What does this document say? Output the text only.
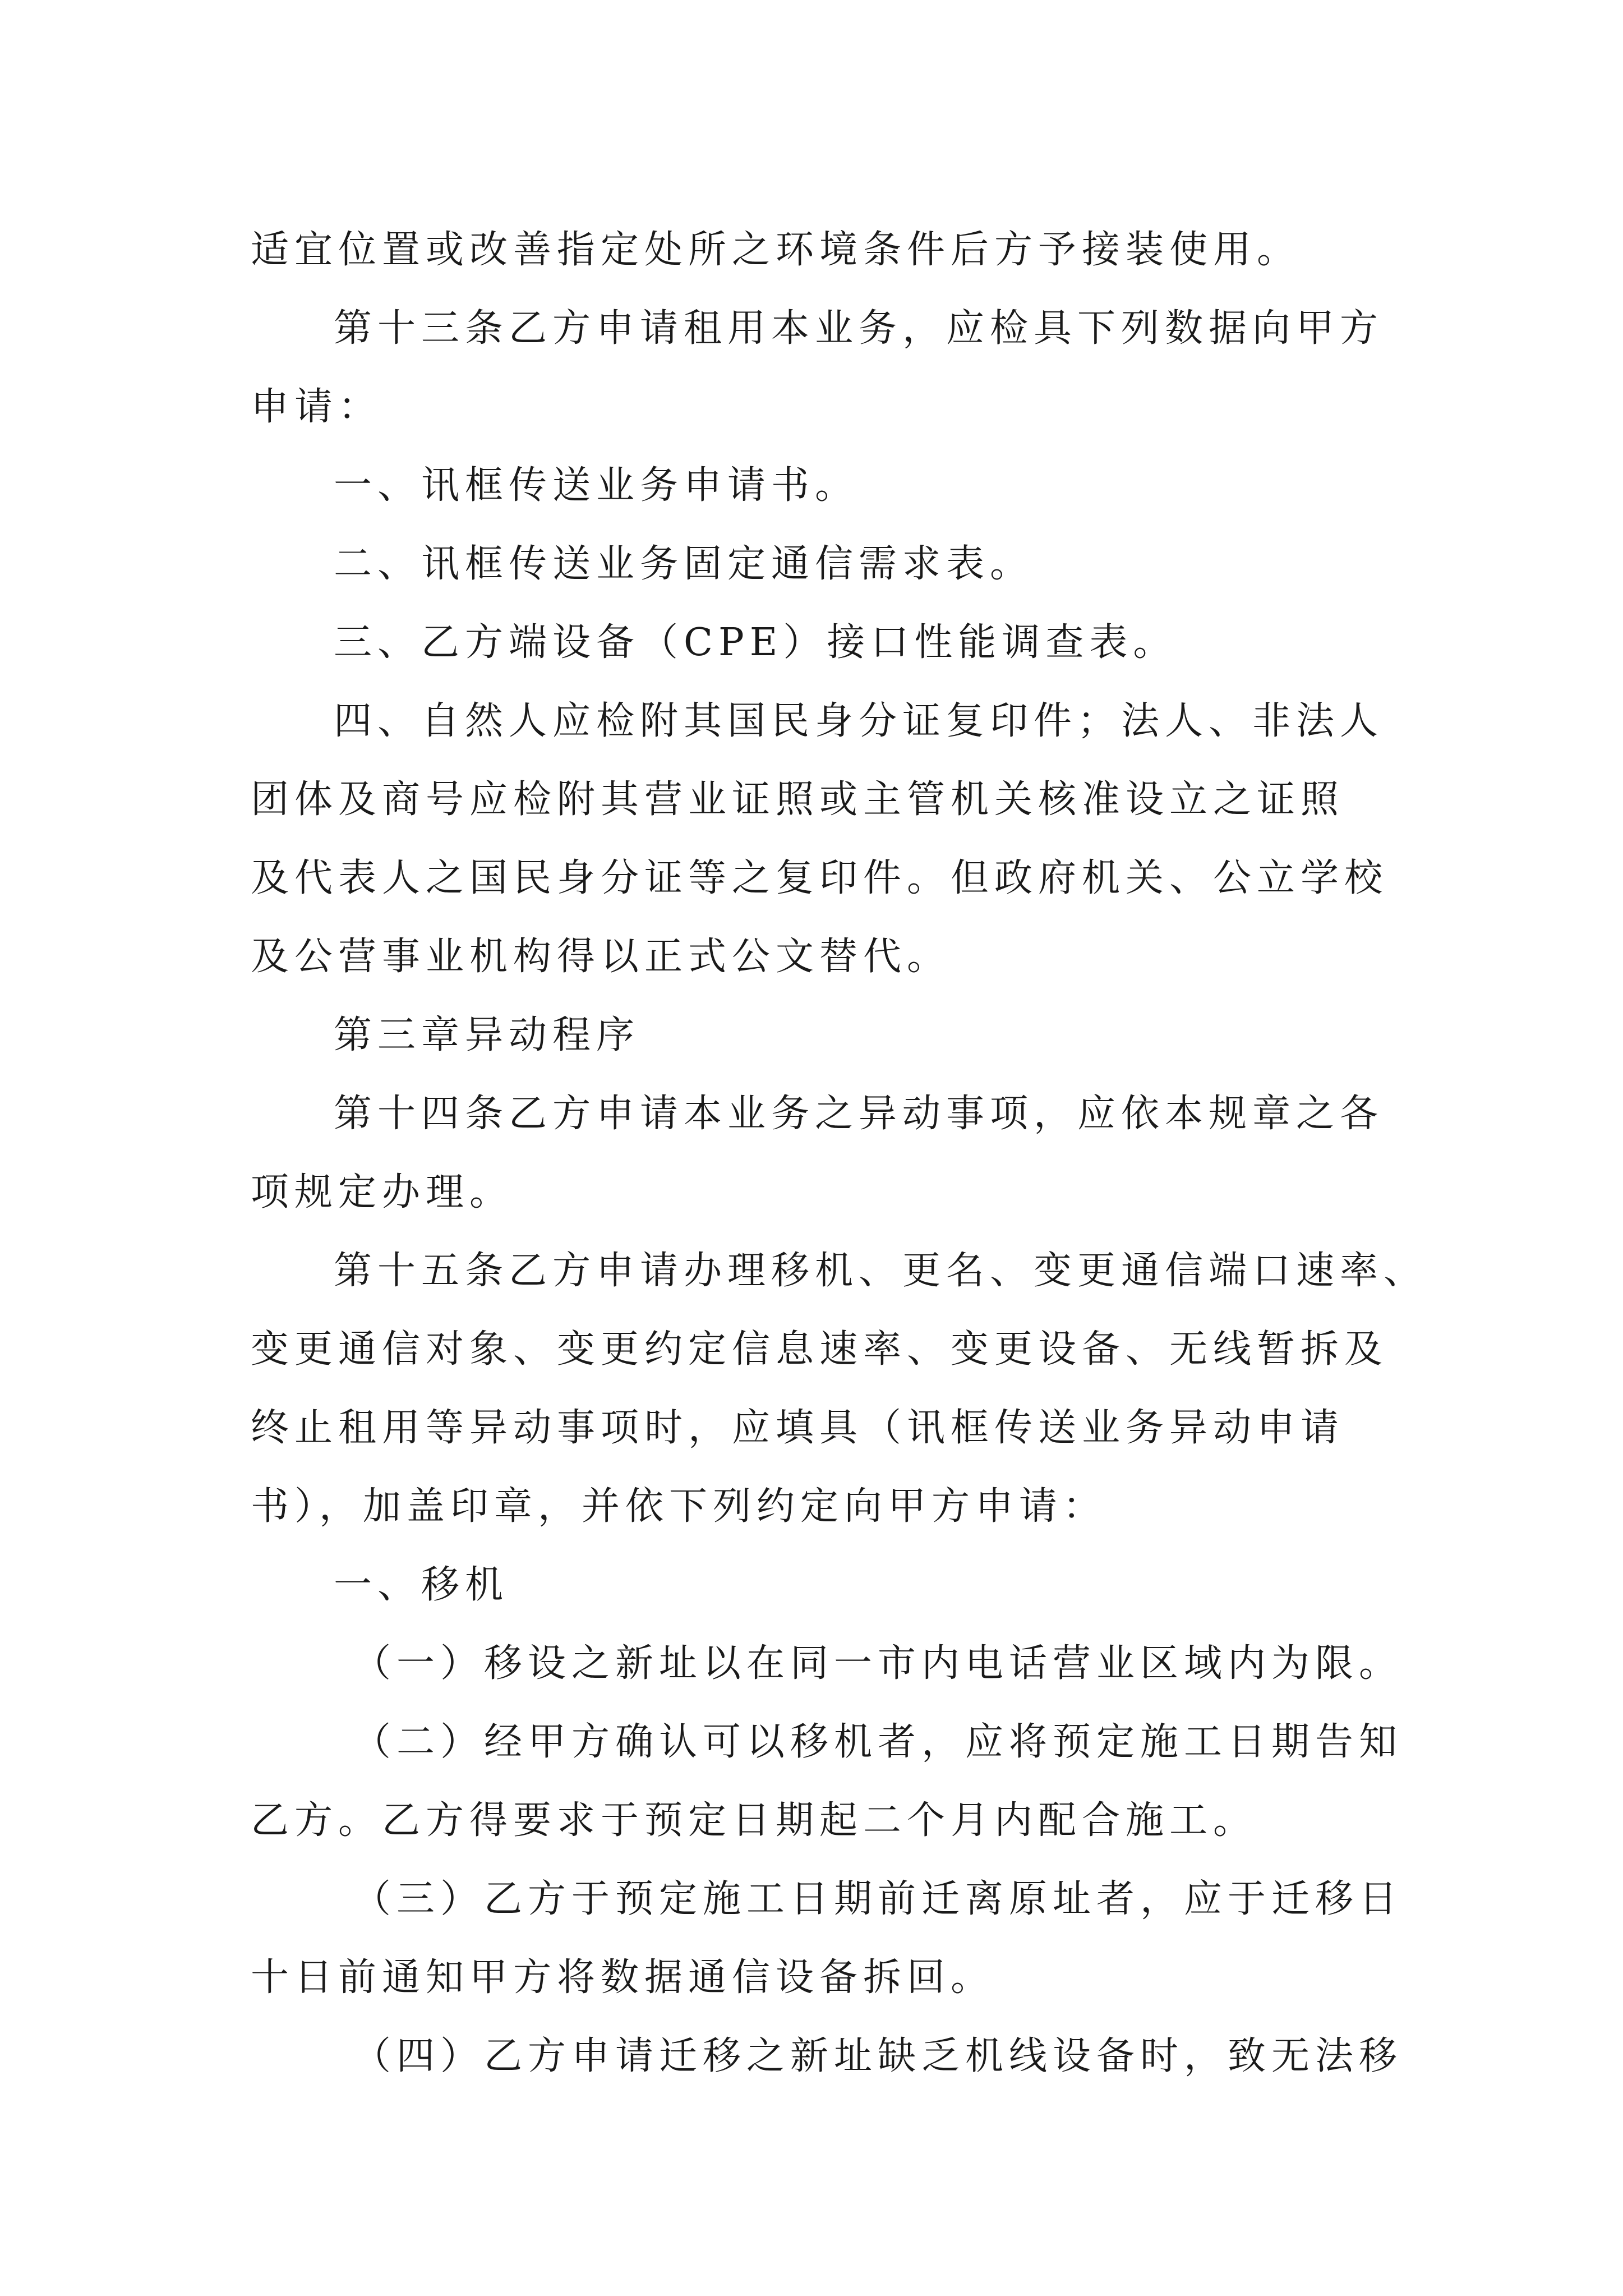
适宜位置或改善指定处所之环境条件后方予接装使用。
第十三条乙方申请租用本业务，应检具下列数据向甲方
申请：
一、讯框传送业务申请书。
二、讯框传送业务固定通信需求表。
三、乙方端设备（CPE）接口性能调查表。
四、自然人应检附其国民身分证复印件；法人、非法人
团体及商号应检附其营业证照或主管机关核准设立之证照
及代表人之国民身分证等之复印件。但政府机关、公立学校
及公营事业机构得以正式公文替代。
第三章异动程序
第十四条乙方申请本业务之异动事项，应依本规章之各
项规定办理。
第十五条乙方申请办理移机、更名、变更通信端口速率、
变更通信对象、变更约定信息速率、变更设备、无线暂拆及
终止租用等异动事项时，应填具（讯框传送业务异动申请
书），加盖印章，并依下列约定向甲方申请：
一、移机
（一）移设之新址以在同一市内电话营业区域内为限。
（二）经甲方确认可以移机者，应将预定施工日期告知
乙方。乙方得要求于预定日期起二个月内配合施工。
（三）乙方于预定施工日期前迁离原址者，应于迁移日
十日前通知甲方将数据通信设备拆回。
（四）乙方申请迁移之新址缺乏机线设备时，致无法移
